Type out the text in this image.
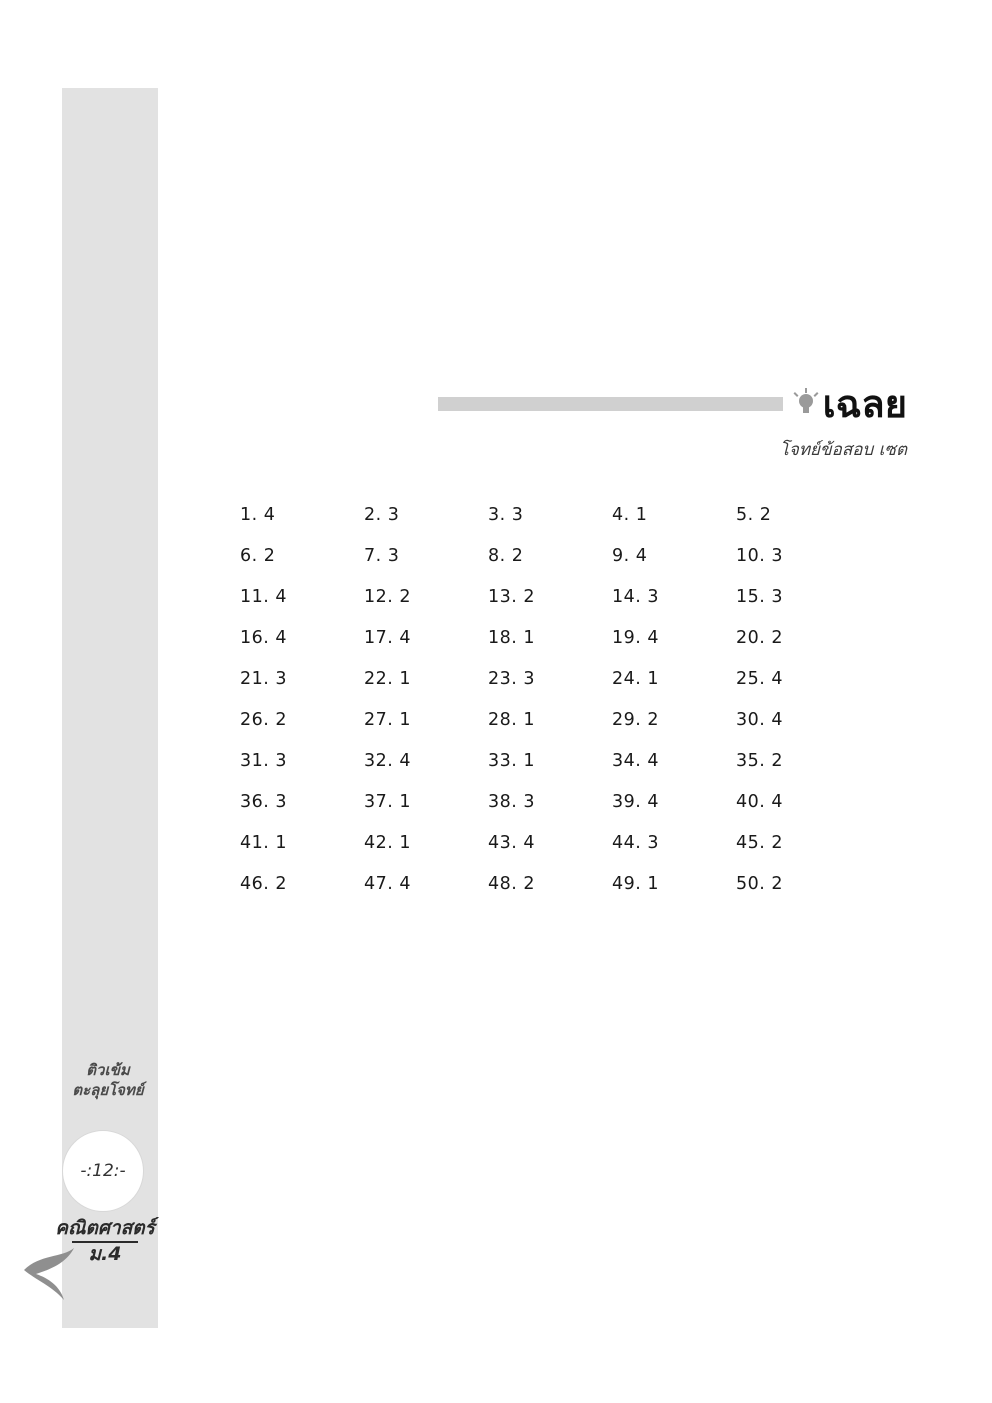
เฉลย
โจทย์ข้อสอบ เซต
1. 4	2. 3	3. 3	4. 1	5. 2
6. 2	7. 3	8. 2	9. 4	10. 3
11. 4	12. 2	13. 2	14. 3	15. 3
16. 4	17. 4	18. 1	19. 4	20. 2
21. 3	22. 1	23. 3	24. 1	25. 4
26. 2	27. 1	28. 1	29. 2	30. 4
31. 3	32. 4	33. 1	34. 4	35. 2
36. 3	37. 1	38. 3	39. 4	40. 4
41. 1	42. 1	43. 4	44. 3	45. 2
46. 2	47. 4	48. 2	49. 1	50. 2
ติวเข้ม
ตะลุยโจทย์
-:12:-
คณิตศาสตร์
ม.4
